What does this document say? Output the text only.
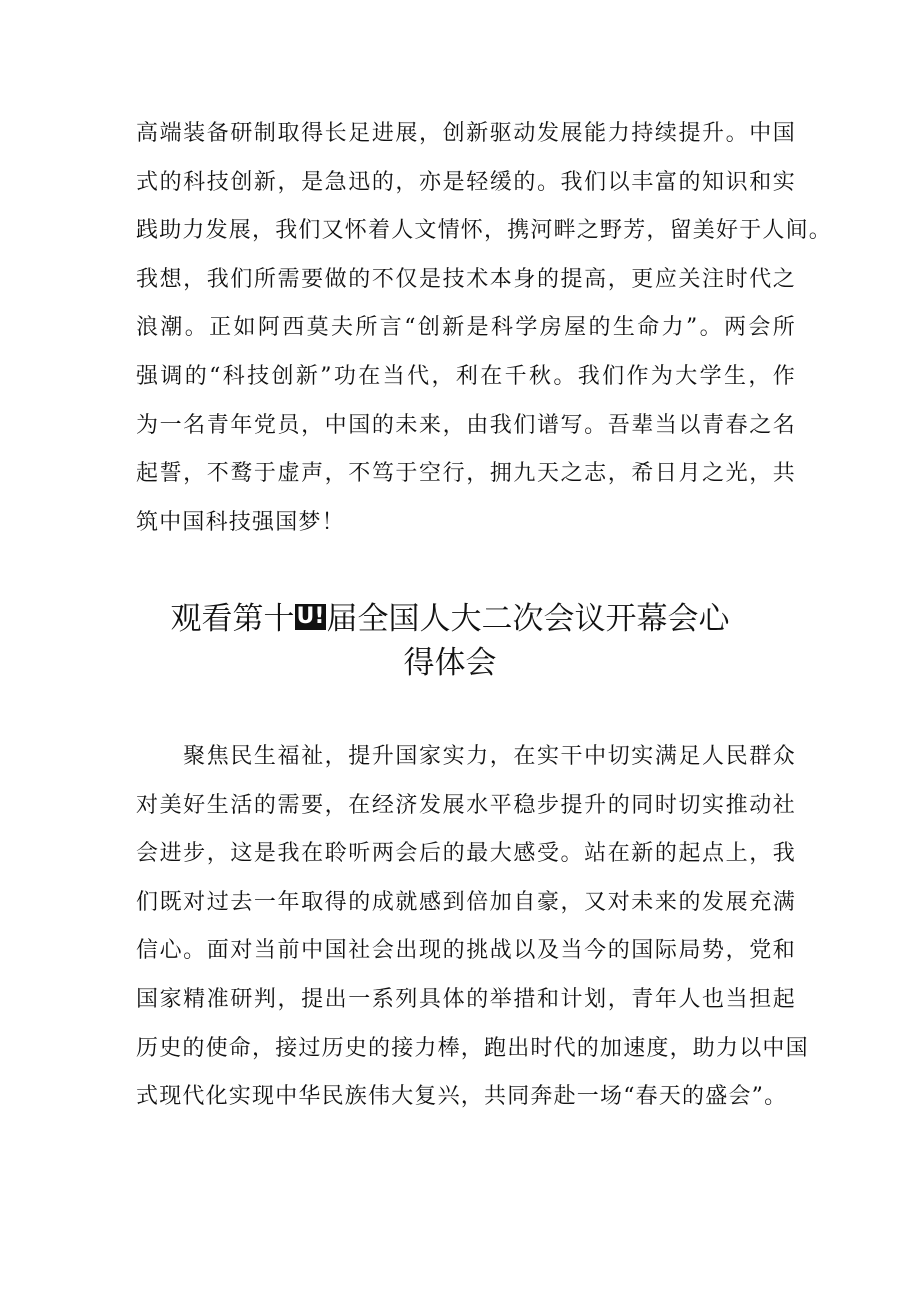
高端装备研制取得长足进展，创新驱动发展能力持续提升。中国
式的科技创新，是急迅的，亦是轻缓的。我们以丰富的知识和实
践助力发展，我们又怀着人文情怀，携河畔之野芳，留美好于人间。
我想，我们所需要做的不仅是技术本身的提高，更应关注时代之
浪潮。正如阿西莫夫所言“创新是科学房屋的生命力”。两会所
强调的“科技创新”功在当代，利在千秋。我们作为大学生，作
为一名青年党员，中国的未来，由我们谱写。吾辈当以青春之名
起誓，不鹜于虚声，不笃于空行，拥九天之志，希日月之光，共
筑中国科技强国梦！

观看第十U!届全国人大二次会议开幕会心
得体会

　　聚焦民生福祉，提升国家实力，在实干中切实满足人民群众
对美好生活的需要，在经济发展水平稳步提升的同时切实推动社
会进步，这是我在聆听两会后的最大感受。站在新的起点上，我
们既对过去一年取得的成就感到倍加自豪，又对未来的发展充满
信心。面对当前中国社会出现的挑战以及当今的国际局势，党和
国家精准研判，提出一系列具体的举措和计划，青年人也当担起
历史的使命，接过历史的接力棒，跑出时代的加速度，助力以中国
式现代化实现中华民族伟大复兴，共同奔赴一场“春天的盛会”。
